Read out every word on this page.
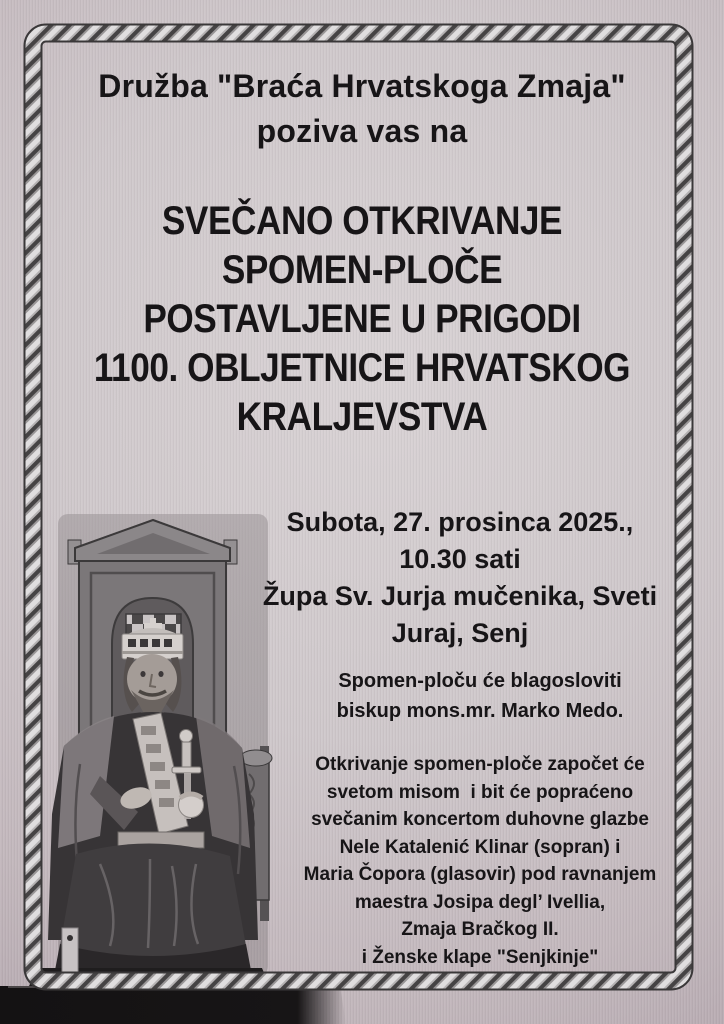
Družba "Braća Hrvatskoga Zmaja"
poziva vas na
SVEČANO OTKRIVANJE
SPOMEN-PLOČE
POSTAVLJENE U PRIGODI
1100. OBLJETNICE HRVATSKOG
KRALJEVSTVA
Subota, 27. prosinca 2025.,
10.30 sati
Župa Sv. Jurja mučenika, Sveti
Juraj, Senj
Spomen-ploču će blagosloviti
biskup mons.mr. Marko Medo.
Otkrivanje spomen-ploče započet će
svetom misom  i bit će popraćeno
svečanim koncertom duhovne glazbe
Nele Katalenić Klinar (sopran) i
Maria Čopora (glasovir) pod ravnanjem
maestra Josipa degl’ Ivellia,
Zmaja Bračkog II.
i Ženske klape "Senjkinje"
